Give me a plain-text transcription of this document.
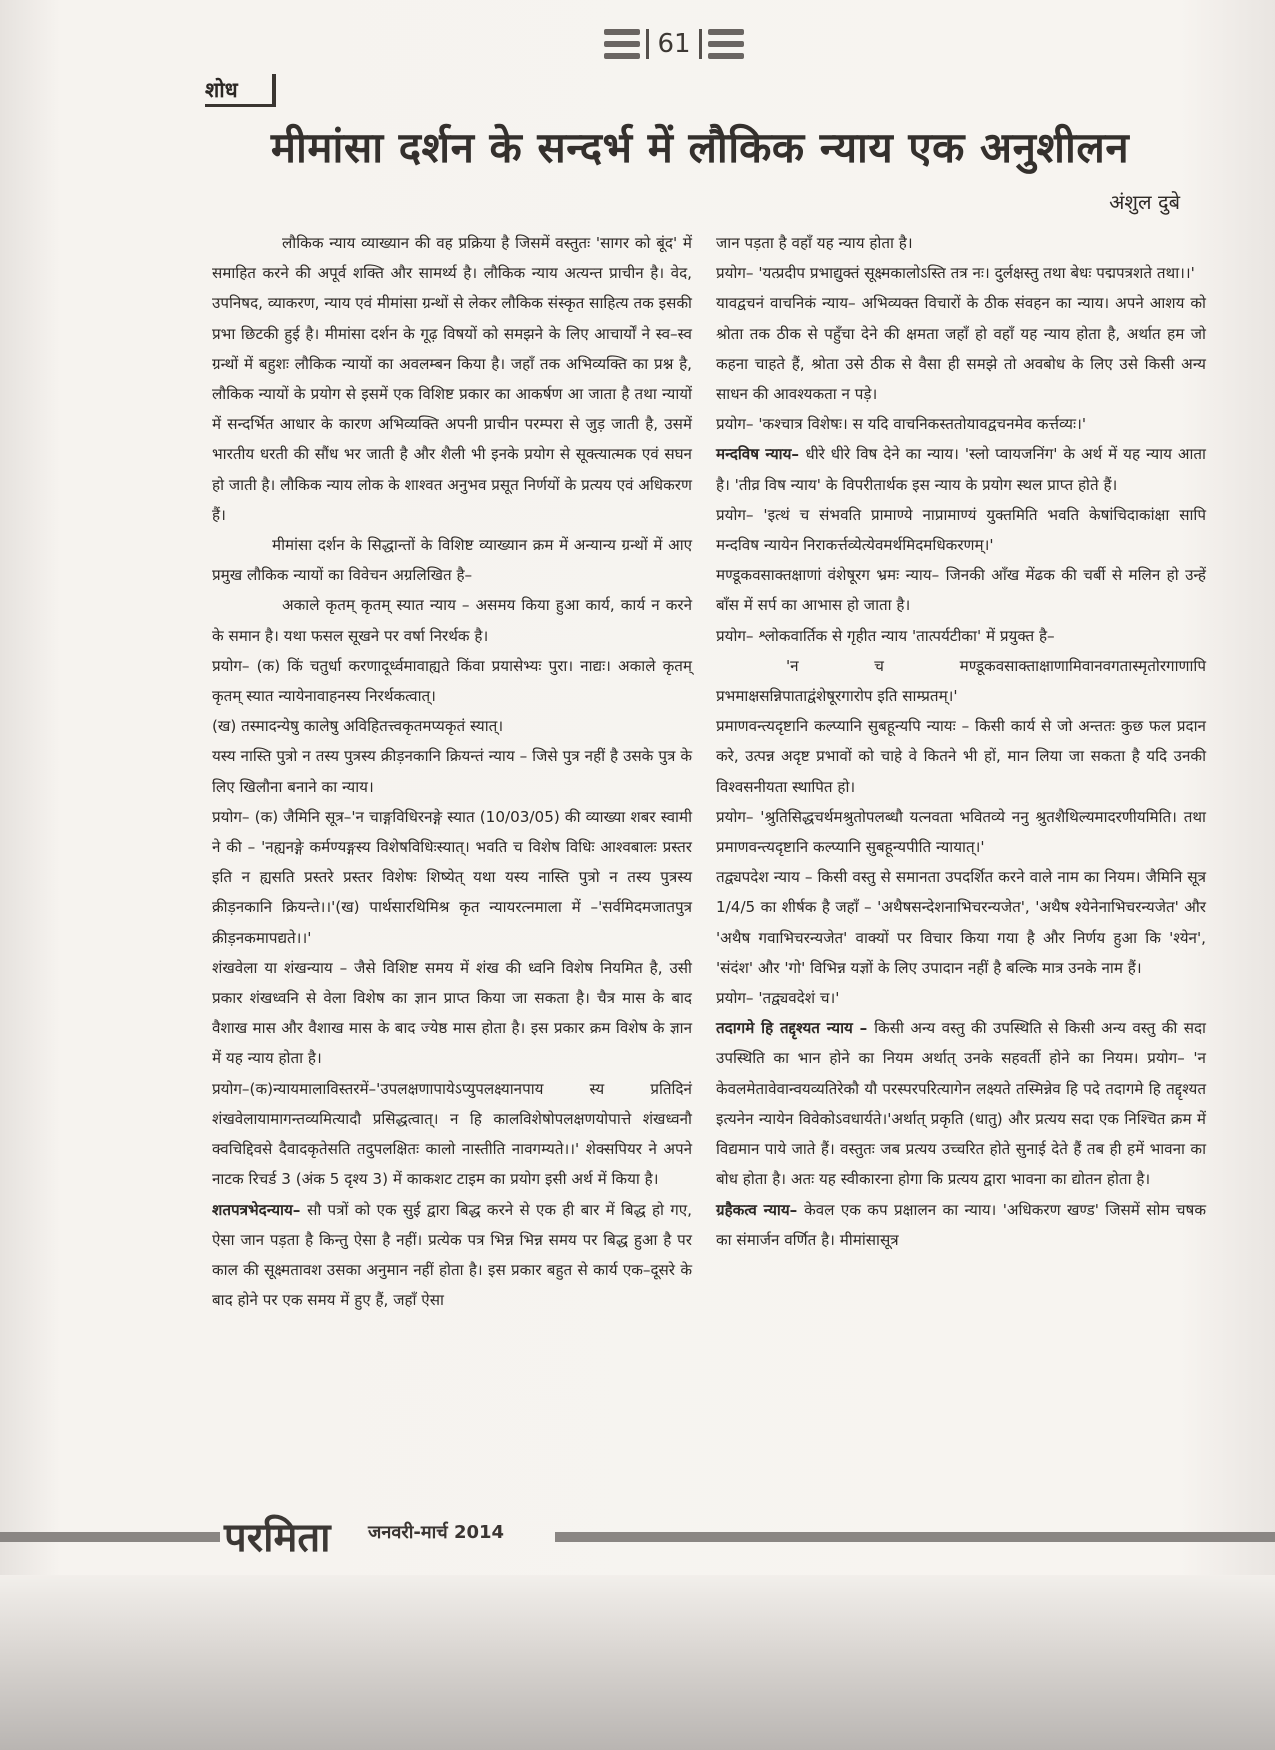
61
शोध
मीमांसा दर्शन के सन्दर्भ में लौकिक न्याय एक अनुशीलन
अंशुल दुबे

लौकिक न्याय व्याख्यान की वह प्रक्रिया है जिसमें वस्तुतः 'सागर को बूंद' में समाहित करने की अपूर्व शक्ति और सामर्थ्य है। लौकिक न्याय अत्यन्त प्राचीन है। वेद, उपनिषद, व्याकरण, न्याय एवं मीमांसा ग्रन्थों से लेकर लौकिक संस्कृत साहित्य तक इसकी प्रभा छिटकी हुई है। मीमांसा दर्शन के गूढ़ विषयों को समझने के लिए आचार्यों ने स्व–स्व ग्रन्थों में बहुशः लौकिक न्यायों का अवलम्बन किया है। जहाँ तक अभिव्यक्ति का प्रश्न है, लौकिक न्यायों के प्रयोग से इसमें एक विशिष्ट प्रकार का आकर्षण आ जाता है तथा न्यायों में सन्दर्भित आधार के कारण अभिव्यक्ति अपनी प्राचीन परम्परा से जुड़ जाती है, उसमें भारतीय धरती की सौंध भर जाती है और शैली भी इनके प्रयोग से सूक्त्यात्मक एवं सघन हो जाती है। लौकिक न्याय लोक के शाश्वत अनुभव प्रसूत निर्णयों के प्रत्यय एवं अधिकरण हैं।

मीमांसा दर्शन के सिद्धान्तों के विशिष्ट व्याख्यान क्रम में अन्यान्य ग्रन्थों में आए प्रमुख लौकिक न्यायों का विवेचन अग्रलिखित है–

अकाले कृतम् कृतम् स्यात न्याय – असमय किया हुआ कार्य, कार्य न करने के समान है। यथा फसल सूखने पर वर्षा निरर्थक है।

प्रयोग– (क) किं चतुर्धा करणादूर्ध्वमावाह्यते किंवा प्रयासेभ्यः पुरा। नाद्यः। अकाले कृतम् कृतम् स्यात न्यायेनावाहनस्य निरर्थकत्वात्।

(ख) तस्मादन्येषु कालेषु अविहितत्त्वकृतमप्यकृतं स्यात्।

यस्य नास्ति पुत्रो न तस्य पुत्रस्य क्रीड़नकानि क्रियन्तं न्याय – जिसे पुत्र नहीं है उसके पुत्र के लिए खिलौना बनाने का न्याय।

प्रयोग– (क) जैमिनि सूत्र–'न चाङ्गविधिरनङ्गे स्यात (10/03/05) की व्याख्या शबर स्वामी ने की – 'नह्यनङ्गे कर्मण्यङ्गस्य विशेषविधिःस्यात्। भवति च विशेष विधिः आश्वबालः प्रस्तर इति न ह्यसति प्रस्तरे प्रस्तर विशेषः शिष्येत् यथा यस्य नास्ति पुत्रो न तस्य पुत्रस्य क्रीड़नकानि क्रियन्ते।।'(ख) पार्थसारथिमिश्र कृत न्यायरत्नमाला में –'सर्वमिदमजातपुत्र क्रीड़नकमापद्यते।।'

शंखवेला या शंखन्याय – जैसे विशिष्ट समय में शंख की ध्वनि विशेष नियमित है, उसी प्रकार शंखध्वनि से वेला विशेष का ज्ञान प्राप्त किया जा सकता है। चैत्र मास के बाद वैशाख मास और वैशाख मास के बाद ज्येष्ठ मास होता है। इस प्रकार क्रम विशेष के ज्ञान में यह न्याय होता है।

प्रयोग–(क)न्यायमालाविस्तरमें–'उपलक्षणापायेऽप्युपलक्ष्यानपाय स्य प्रतिदिनं शंखवेलायामागन्तव्यमित्यादौ प्रसिद्धत्वात्। न हि कालविशेषोपलक्षणयोपात्ते शंखध्वनौ क्वचिद्दिवसे दैवादकृतेसति तदुपलक्षितः कालो नास्तीति नावगम्यते।।' शेक्सपियर ने अपने नाटक रिचर्ड 3 (अंक 5 दृश्य 3) में काकशट टाइम का प्रयोग इसी अर्थ में किया है।

शतपत्रभेदन्याय– सौ पत्रों को एक सुई द्वारा बिद्ध करने से एक ही बार में बिद्ध हो गए, ऐसा जान पड़ता है किन्तु ऐसा है नहीं। प्रत्येक पत्र भिन्न भिन्न समय पर बिद्ध हुआ है पर काल की सूक्ष्मतावश उसका अनुमान नहीं होता है। इस प्रकार बहुत से कार्य एक–दूसरे के बाद होने पर एक समय में हुए हैं, जहाँ ऐसा

जान पड़ता है वहाँ यह न्याय होता है।

प्रयोग– 'यत्प्रदीप प्रभाद्युक्तं सूक्ष्मकालोऽस्ति तत्र नः। दुर्लक्षस्तु तथा बेधः पद्मपत्रशते तथा।।'

यावद्वचनं वाचनिकं न्याय– अभिव्यक्त विचारों के ठीक संवहन का न्याय। अपने आशय को श्रोता तक ठीक से पहुँचा देने की क्षमता जहाँ हो वहाँ यह न्याय होता है, अर्थात हम जो कहना चाहते हैं, श्रोता उसे ठीक से वैसा ही समझे तो अवबोध के लिए उसे किसी अन्य साधन की आवश्यकता न पड़े।

प्रयोग– 'कश्चात्र विशेषः। स यदि वाचनिकस्ततोयावद्वचनमेव कर्त्तव्यः।'

मन्दविष न्याय– धीरे धीरे विष देने का न्याय। 'स्लो प्वायजनिंग' के अर्थ में यह न्याय आता है। 'तीव्र विष न्याय' के विपरीतार्थक इस न्याय के प्रयोग स्थल प्राप्त होते हैं।

प्रयोग– 'इत्थं च संभवति प्रामाण्ये नाप्रामाण्यं युक्तमिति भवति केषांचिदाकांक्षा सापि मन्दविष न्यायेन निराकर्त्तव्येत्येवमर्थमिदमधिकरणम्।'

मण्डूकवसाक्तक्षाणां वंशेषूरग भ्रमः न्याय– जिनकी आँख मेंढक की चर्बी से मलिन हो उन्हें बाँस में सर्प का आभास हो जाता है।

प्रयोग– श्लोकवार्तिक से गृहीत न्याय 'तात्पर्यटीका' में प्रयुक्त है–

'न च मण्डूकवसाक्ताक्षाणामिवानवगतास्मृतोरगाणापि प्रभमाक्षसन्निपाताद्वंशेषूरगारोप इति साम्प्रतम्।'

प्रमाणवन्त्यदृष्टानि कल्प्यानि सुबहून्यपि न्यायः – किसी कार्य से जो अन्ततः कुछ फल प्रदान करे, उत्पन्न अदृष्ट प्रभावों को चाहे वे कितने भी हों, मान लिया जा सकता है यदि उनकी विश्वसनीयता स्थापित हो।

प्रयोग– 'श्रुतिसिद्धचर्थमश्रुतोपलब्धौ यत्नवता भवितव्ये ननु श्रुतशैथिल्यमादरणीयमिति। तथा प्रमाणवन्त्यदृष्टानि कल्प्यानि सुबहून्यपीति न्यायात्।'

तद्व्यपदेश न्याय – किसी वस्तु से समानता उपदर्शित करने वाले नाम का नियम। जैमिनि सूत्र 1/4/5 का शीर्षक है जहाँ – 'अथैषसन्देशनाभिचरन्यजेत', 'अथैष श्येनेनाभिचरन्यजेत' और 'अथैष गवाभिचरन्यजेत' वाक्यों पर विचार किया गया है और निर्णय हुआ कि 'श्येन', 'संदंश' और 'गो' विभिन्न यज्ञों के लिए उपादान नहीं है बल्कि मात्र उनके नाम हैं।

प्रयोग– 'तद्व्यवदेशं च।'

तदागमे हि तद्दृश्यत न्याय – किसी अन्य वस्तु की उपस्थिति से किसी अन्य वस्तु की सदा उपस्थिति का भान होने का नियम अर्थात् उनके सहवर्ती होने का नियम। प्रयोग– 'न केवलमेतावेवान्वयव्यतिरेकौ यौ परस्परपरित्यागेन लक्ष्यते तस्मिन्नेव हि पदे तदागमे हि तद्दृश्यत इत्यनेन न्यायेन विवेकोऽवधार्यते।'अर्थात् प्रकृति (धातु) और प्रत्यय सदा एक निश्चित क्रम में विद्यमान पाये जाते हैं। वस्तुतः जब प्रत्यय उच्चरित होते सुनाई देते हैं तब ही हमें भावना का बोध होता है। अतः यह स्वीकारना होगा कि प्रत्यय द्वारा भावना का द्योतन होता है।

ग्रहैकत्व न्याय– केवल एक कप प्रक्षालन का न्याय। 'अधिकरण खण्ड' जिसमें सोम चषक का संमार्जन वर्णित है। मीमांसासूत्र

परमिता जनवरी-मार्च 2014
